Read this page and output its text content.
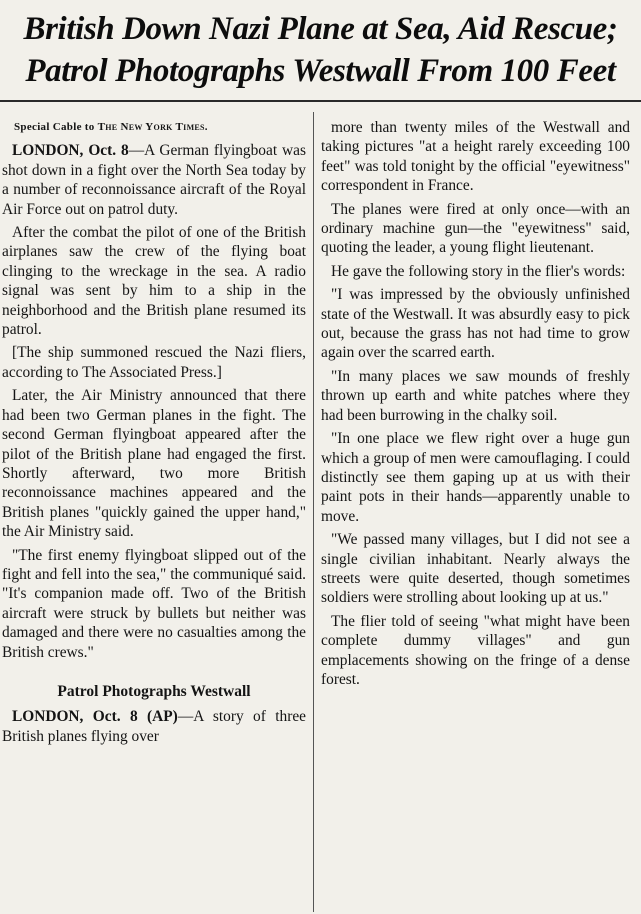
British Down Nazi Plane at Sea, Aid Rescue;
Patrol Photographs Westwall From 100 Feet

Special Cable to The New York Times.

LONDON, Oct. 8—A German flyingboat was shot down in a fight over the North Sea today by a number of reconnoissance aircraft of the Royal Air Force out on patrol duty.

After the combat the pilot of one of the British airplanes saw the crew of the flying boat clinging to the wreckage in the sea. A radio signal was sent by him to a ship in the neighborhood and the British plane resumed its patrol.

[The ship summoned rescued the Nazi fliers, according to The Associated Press.]

Later, the Air Ministry announced that there had been two German planes in the fight. The second German flyingboat appeared after the pilot of the British plane had engaged the first. Shortly afterward, two more British reconnoissance machines appeared and the British planes "quickly gained the upper hand," the Air Ministry said.

"The first enemy flyingboat slipped out of the fight and fell into the sea," the communiqué said. "It's companion made off. Two of the British aircraft were struck by bullets but neither was damaged and there were no casualties among the British crews."

Patrol Photographs Westwall

LONDON, Oct. 8 (AP)—A story of three British planes flying over

more than twenty miles of the Westwall and taking pictures "at a height rarely exceeding 100 feet" was told tonight by the official "eyewitness" correspondent in France.

The planes were fired at only once—with an ordinary machine gun—the "eyewitness" said, quoting the leader, a young flight lieutenant.

He gave the following story in the flier's words:

"I was impressed by the obviously unfinished state of the Westwall. It was absurdly easy to pick out, because the grass has not had time to grow again over the scarred earth.

"In many places we saw mounds of freshly thrown up earth and white patches where they had been burrowing in the chalky soil.

"In one place we flew right over a huge gun which a group of men were camouflaging. I could distinctly see them gaping up at us with their paint pots in their hands—apparently unable to move.

"We passed many villages, but I did not see a single civilian inhabitant. Nearly always the streets were quite deserted, though sometimes soldiers were strolling about looking up at us."

The flier told of seeing "what might have been complete dummy villages" and gun emplacements showing on the fringe of a dense forest.
